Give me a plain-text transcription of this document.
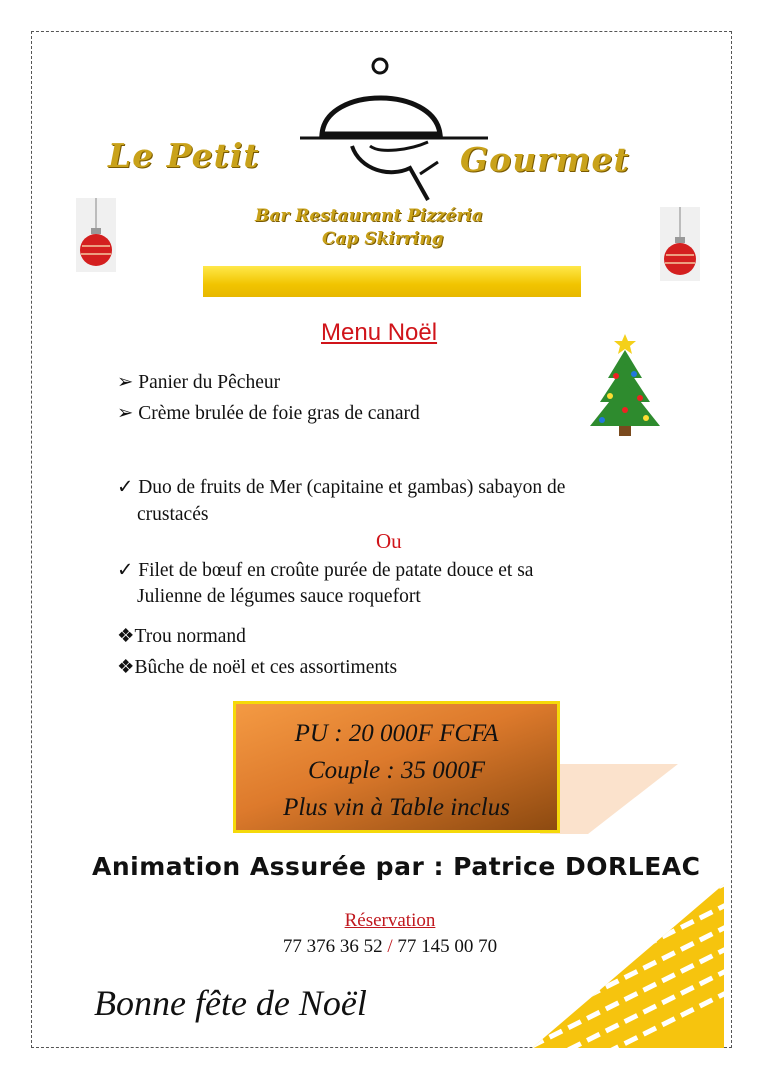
Le Petit	Gourmet
Bar Restaurant Pizzéria
Cap Skirring
Menu Noël
➢ Panier du Pêcheur
➢ Crème brulée de foie gras de canard
✓ Duo de fruits de Mer (capitaine et gambas) sabayon de
crustacés
Ou
✓ Filet de bœuf en croûte purée de patate douce et sa
Julienne de légumes sauce roquefort
❖Trou normand
❖Bûche de noël et ces assortiments
PU : 20 000F FCFA
Couple : 35 000F
Plus vin à Table inclus
Animation Assurée par : Patrice DORLEAC
Réservation
77 376 36 52 / 77 145 00 70
Bonne fête de Noël
